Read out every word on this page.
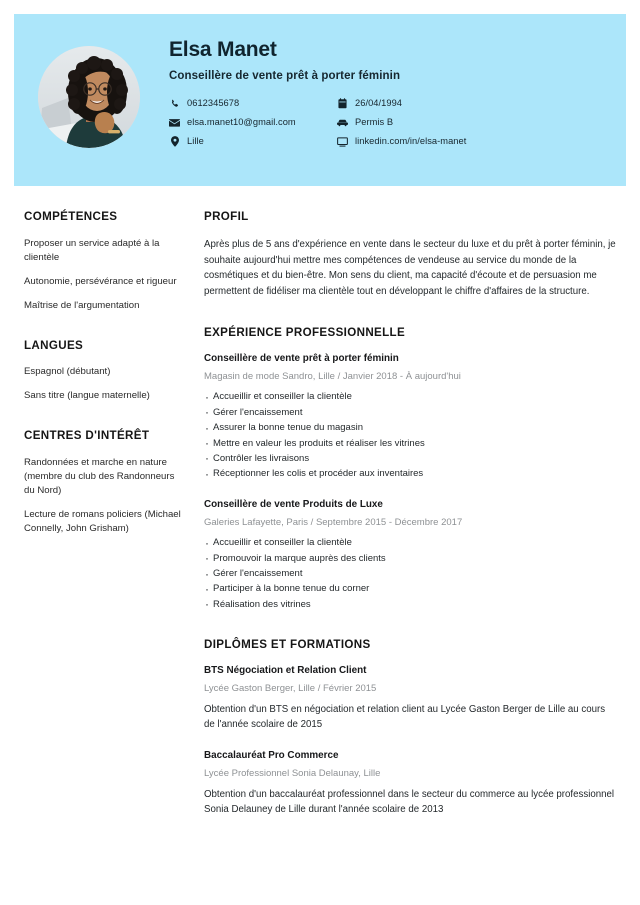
Elsa Manet
Conseillère de vente prêt à porter féminin
0612345678
elsa.manet10@gmail.com
Lille
26/04/1994
Permis B
linkedin.com/in/elsa-manet
COMPÉTENCES
Proposer un service adapté à la clientèle
Autonomie, persévérance et rigueur
Maîtrise de l'argumentation
LANGUES
Espagnol (débutant)
Sans titre (langue maternelle)
CENTRES D'INTÉRÊT
Randonnées et marche en nature (membre du club des Randonneurs du Nord)
Lecture de romans policiers (Michael Connelly, John Grisham)
PROFIL

Après plus de 5 ans d'expérience en vente dans le secteur du luxe et du prêt à porter féminin, je souhaite aujourd'hui mettre mes compétences de vendeuse au service du monde de la cosmétiques et du bien-être. Mon sens du client, ma capacité d'écoute et de persuasion me permettent de fidéliser ma clientèle tout en développant le chiffre d'affaires de la structure.

EXPÉRIENCE PROFESSIONNELLE
Conseillère de vente prêt à porter féminin
Magasin de mode Sandro, Lille / Janvier 2018 - À aujourd'hui
· Accueillir et conseiller la clientèle
· Gérer l'encaissement
· Assurer la bonne tenue du magasin
· Mettre en valeur les produits et réaliser les vitrines
· Contrôler les livraisons
· Réceptionner les colis et procéder aux inventaires
Conseillère de vente Produits de Luxe
Galeries Lafayette, Paris / Septembre 2015 - Décembre 2017
· Accueillir et conseiller la clientèle
· Promouvoir la marque auprès des clients
· Gérer l'encaissement
· Participer à la bonne tenue du corner
· Réalisation des vitrines
DIPLÔMES ET FORMATIONS
BTS Négociation et Relation Client
Lycée Gaston Berger, Lille / Février 2015

Obtention d'un BTS en négociation et relation client au Lycée Gaston Berger de Lille au cours de l'année scolaire de 2015

Baccalauréat Pro Commerce
Lycée Professionnel Sonia Delaunay, Lille

Obtention d'un baccalauréat professionnel dans le secteur du commerce au lycée professionnel Sonia Delauney de Lille durant l'année scolaire de 2013
